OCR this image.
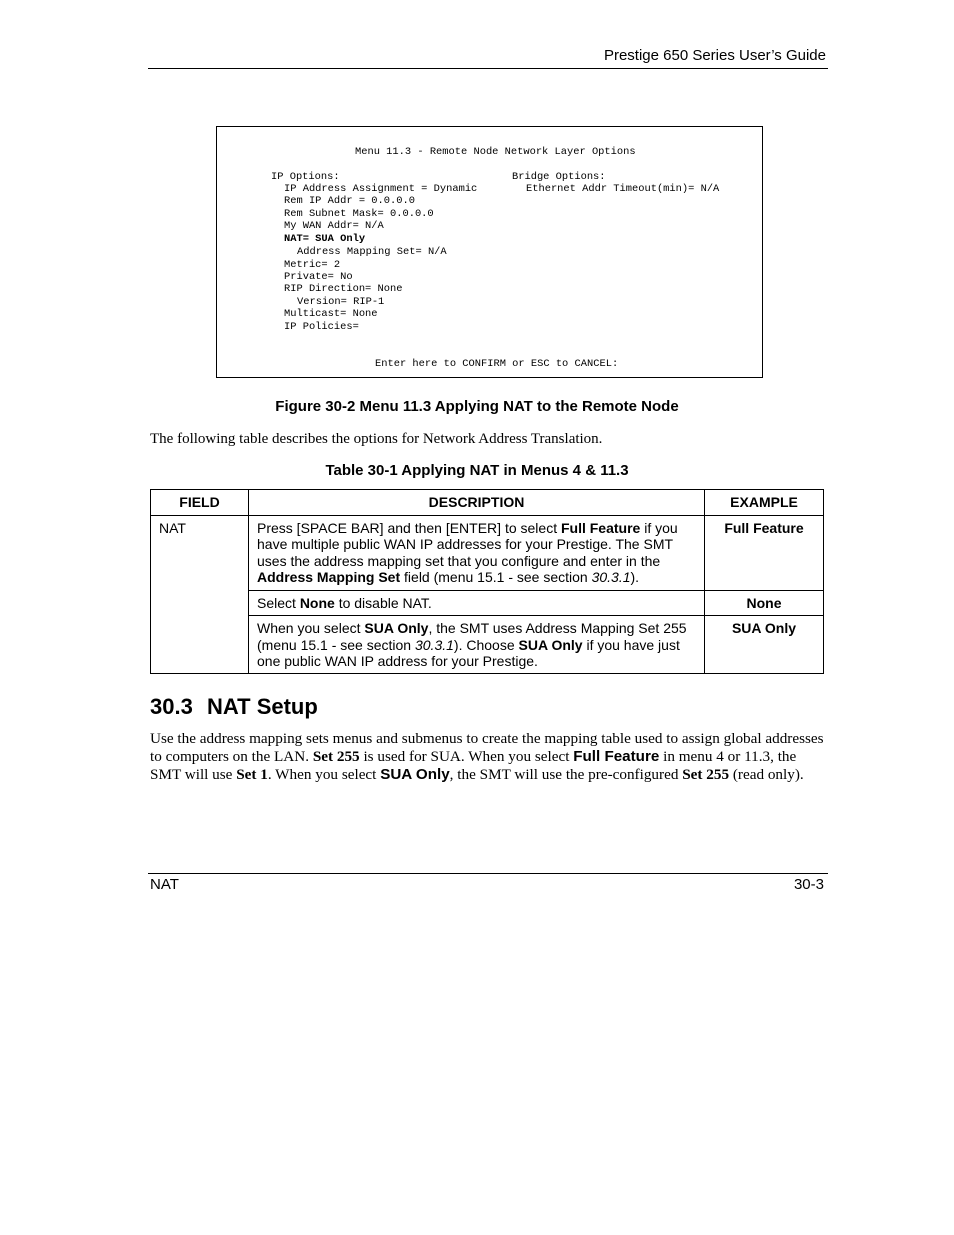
Prestige 650 Series User’s Guide
Menu 11.3 - Remote Node Network Layer Options
IP Options:	Bridge Options:
IP Address Assignment = Dynamic	Ethernet Addr Timeout(min)= N/A
Rem IP Addr = 0.0.0.0
Rem Subnet Mask= 0.0.0.0
My WAN Addr= N/A
NAT= SUA Only
Address Mapping Set= N/A
Metric= 2
Private= No
RIP Direction= None
Version= RIP-1
Multicast= None
IP Policies=
Enter here to CONFIRM or ESC to CANCEL:
Figure 30-2 Menu 11.3 Applying NAT to the Remote Node
The following table describes the options for Network Address Translation.
Table 30-1 Applying NAT in Menus 4 & 11.3
FIELD	DESCRIPTION	EXAMPLE
NAT	Press [SPACE BAR] and then [ENTER] to select Full Feature if you have multiple public WAN IP addresses for your Prestige. The SMT uses the address mapping set that you configure and enter in the Address Mapping Set field (menu 15.1 - see section 30.3.1).	Full Feature
	Select None to disable NAT.	None
	When you select SUA Only, the SMT uses Address Mapping Set 255 (menu 15.1 - see section 30.3.1). Choose SUA Only if you have just one public WAN IP address for your Prestige.	SUA Only
30.3 NAT Setup
Use the address mapping sets menus and submenus to create the mapping table used to assign global addresses to computers on the LAN. Set 255 is used for SUA. When you select Full Feature in menu 4 or 11.3, the SMT will use Set 1. When you select SUA Only, the SMT will use the pre-configured Set 255 (read only).
NAT	30-3
